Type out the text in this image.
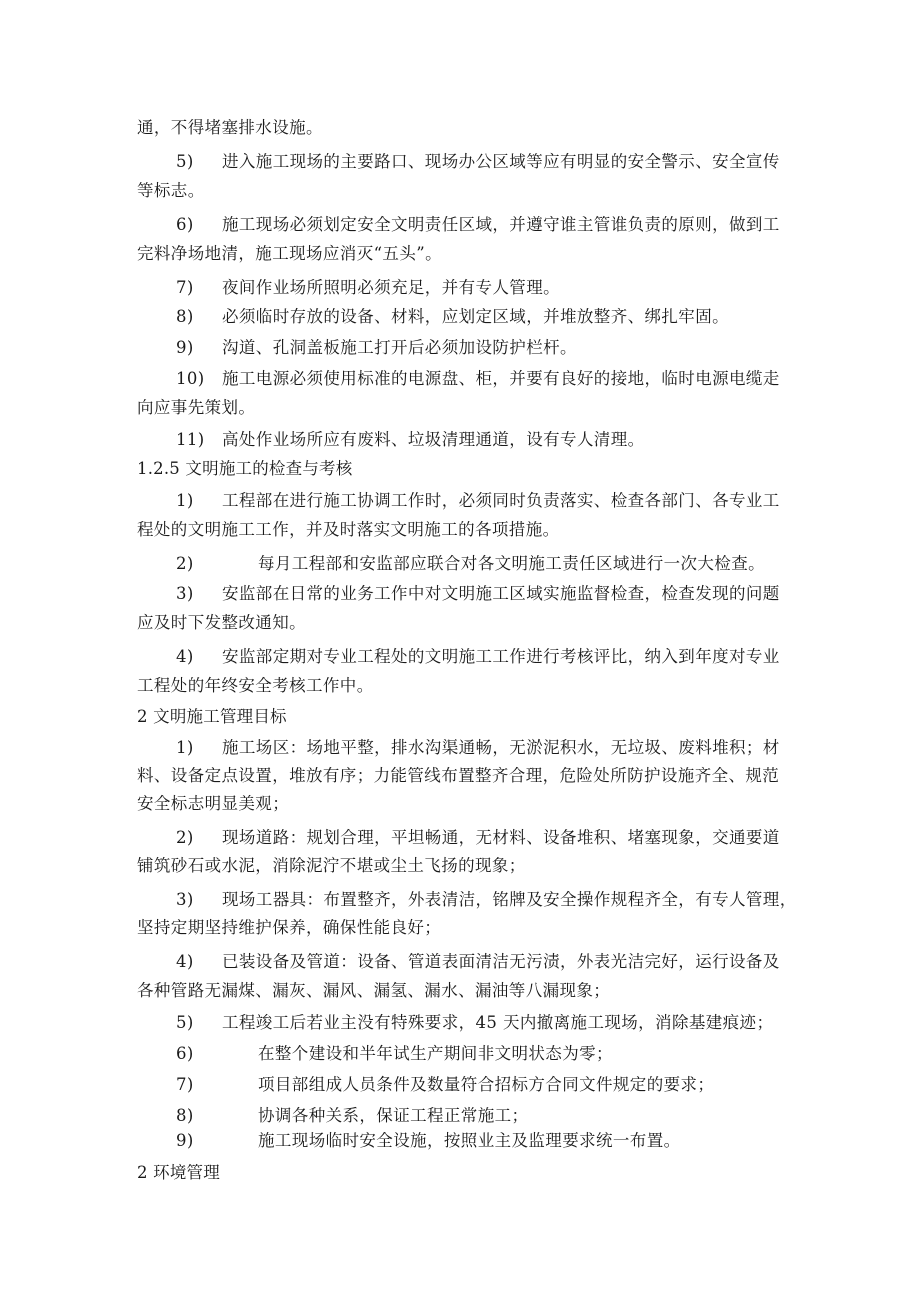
通，不得堵塞排水设施。
5) 进入施工现场的主要路口、现场办公区域等应有明显的安全警示、安全宣传
等标志。
6) 施工现场必须划定安全文明责任区域，并遵守谁主管谁负责的原则，做到工
完料净场地清，施工现场应消灭“五头”。
7) 夜间作业场所照明必须充足，并有专人管理。
8) 必须临时存放的设备、材料，应划定区域，并堆放整齐、绑扎牢固。
9) 沟道、孔洞盖板施工打开后必须加设防护栏杆。
10) 施工电源必须使用标准的电源盘、柜，并要有良好的接地，临时电源电缆走
向应事先策划。
11) 高处作业场所应有废料、垃圾清理通道，设有专人清理。
1.2.5 文明施工的检查与考核
1) 工程部在进行施工协调工作时，必须同时负责落实、检查各部门、各专业工
程处的文明施工工作，并及时落实文明施工的各项措施。
2)	每月工程部和安监部应联合对各文明施工责任区域进行一次大检查。
3) 安监部在日常的业务工作中对文明施工区域实施监督检查，检查发现的问题
应及时下发整改通知。
4) 安监部定期对专业工程处的文明施工工作进行考核评比，纳入到年度对专业
工程处的年终安全考核工作中。
2 文明施工管理目标
1) 施工场区：场地平整，排水沟渠通畅，无淤泥积水，无垃圾、废料堆积；材
料、设备定点设置，堆放有序；力能管线布置整齐合理，危险处所防护设施齐全、规范
安全标志明显美观；
2) 现场道路：规划合理，平坦畅通，无材料、设备堆积、堵塞现象，交通要道
铺筑砂石或水泥，消除泥泞不堪或尘土飞扬的现象；
3) 现场工器具：布置整齐，外表清洁，铭牌及安全操作规程齐全，有专人管理，
坚持定期坚持维护保养，确保性能良好；
4) 已装设备及管道：设备、管道表面清洁无污渍，外表光洁完好，运行设备及
各种管路无漏煤、漏灰、漏风、漏氢、漏水、漏油等八漏现象；
5) 工程竣工后若业主没有特殊要求，45 天内撤离施工现场，消除基建痕迹；
6)	在整个建设和半年试生产期间非文明状态为零；
7)	项目部组成人员条件及数量符合招标方合同文件规定的要求；
8)	协调各种关系，保证工程正常施工；
9)	施工现场临时安全设施，按照业主及监理要求统一布置。
2 环境管理
